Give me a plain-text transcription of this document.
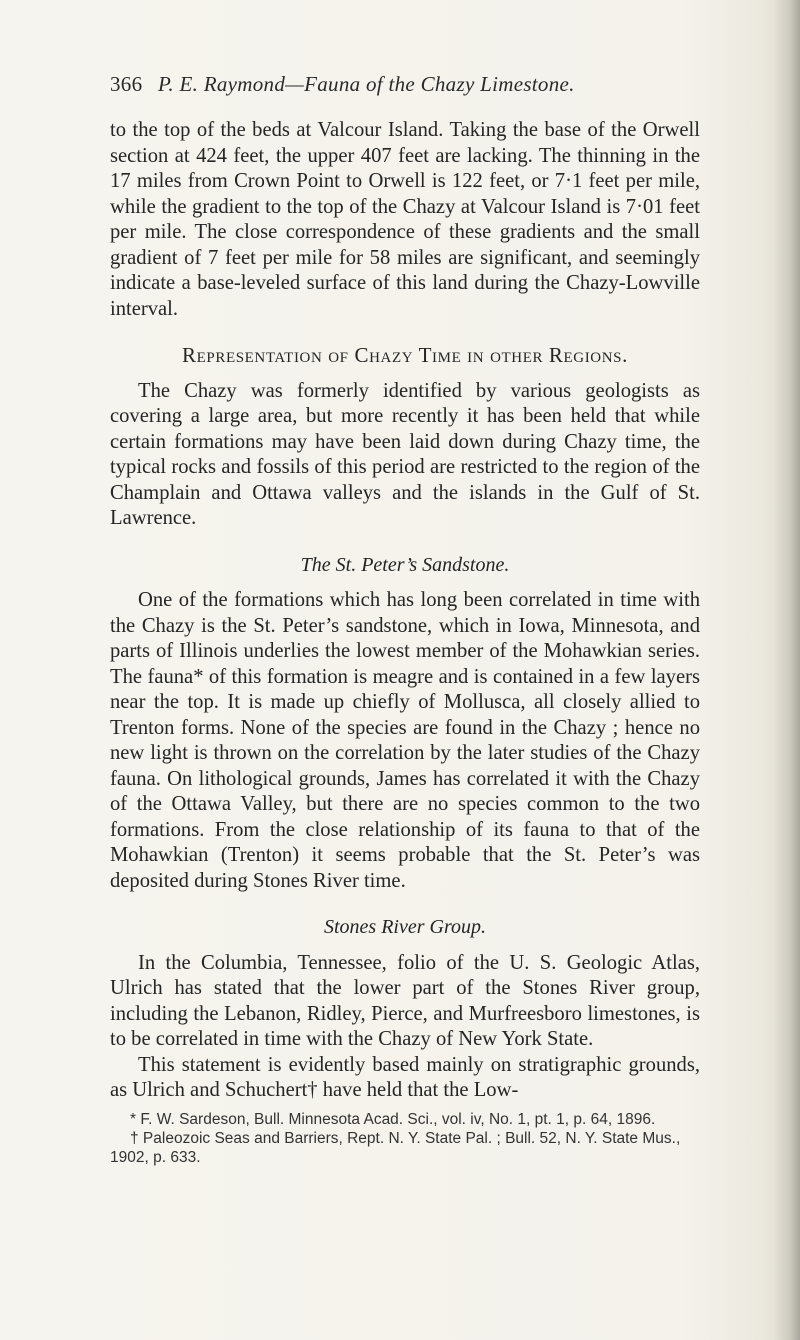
366 P. E. Raymond—Fauna of the Chazy Limestone.

to the top of the beds at Valcour Island. Taking the base of the Orwell section at 424 feet, the upper 407 feet are lacking. The thinning in the 17 miles from Crown Point to Orwell is 122 feet, or 7·1 feet per mile, while the gradient to the top of the Chazy at Valcour Island is 7·01 feet per mile. The close correspondence of these gradients and the small gradient of 7 feet per mile for 58 miles are significant, and seemingly indicate a base-leveled surface of this land during the Chazy-Lowville interval.

Representation of Chazy Time in other Regions.

The Chazy was formerly identified by various geologists as covering a large area, but more recently it has been held that while certain formations may have been laid down during Chazy time, the typical rocks and fossils of this period are restricted to the region of the Champlain and Ottawa valleys and the islands in the Gulf of St. Lawrence.

The St. Peter’s Sandstone.

One of the formations which has long been correlated in time with the Chazy is the St. Peter’s sandstone, which in Iowa, Minnesota, and parts of Illinois underlies the lowest member of the Mohawkian series. The fauna* of this formation is meagre and is contained in a few layers near the top. It is made up chiefly of Mollusca, all closely allied to Trenton forms. None of the species are found in the Chazy ; hence no new light is thrown on the correlation by the later studies of the Chazy fauna. On lithological grounds, James has correlated it with the Chazy of the Ottawa Valley, but there are no species common to the two formations. From the close relationship of its fauna to that of the Mohawkian (Trenton) it seems probable that the St. Peter’s was deposited during Stones River time.

Stones River Group.

In the Columbia, Tennessee, folio of the U. S. Geologic Atlas, Ulrich has stated that the lower part of the Stones River group, including the Lebanon, Ridley, Pierce, and Murfreesboro limestones, is to be correlated in time with the Chazy of New York State.

This statement is evidently based mainly on stratigraphic grounds, as Ulrich and Schuchert† have held that the Low-

* F. W. Sardeson, Bull. Minnesota Acad. Sci., vol. iv, No. 1, pt. 1, p. 64, 1896.

† Paleozoic Seas and Barriers, Rept. N. Y. State Pal. ; Bull. 52, N. Y. State Mus., 1902, p. 633.
